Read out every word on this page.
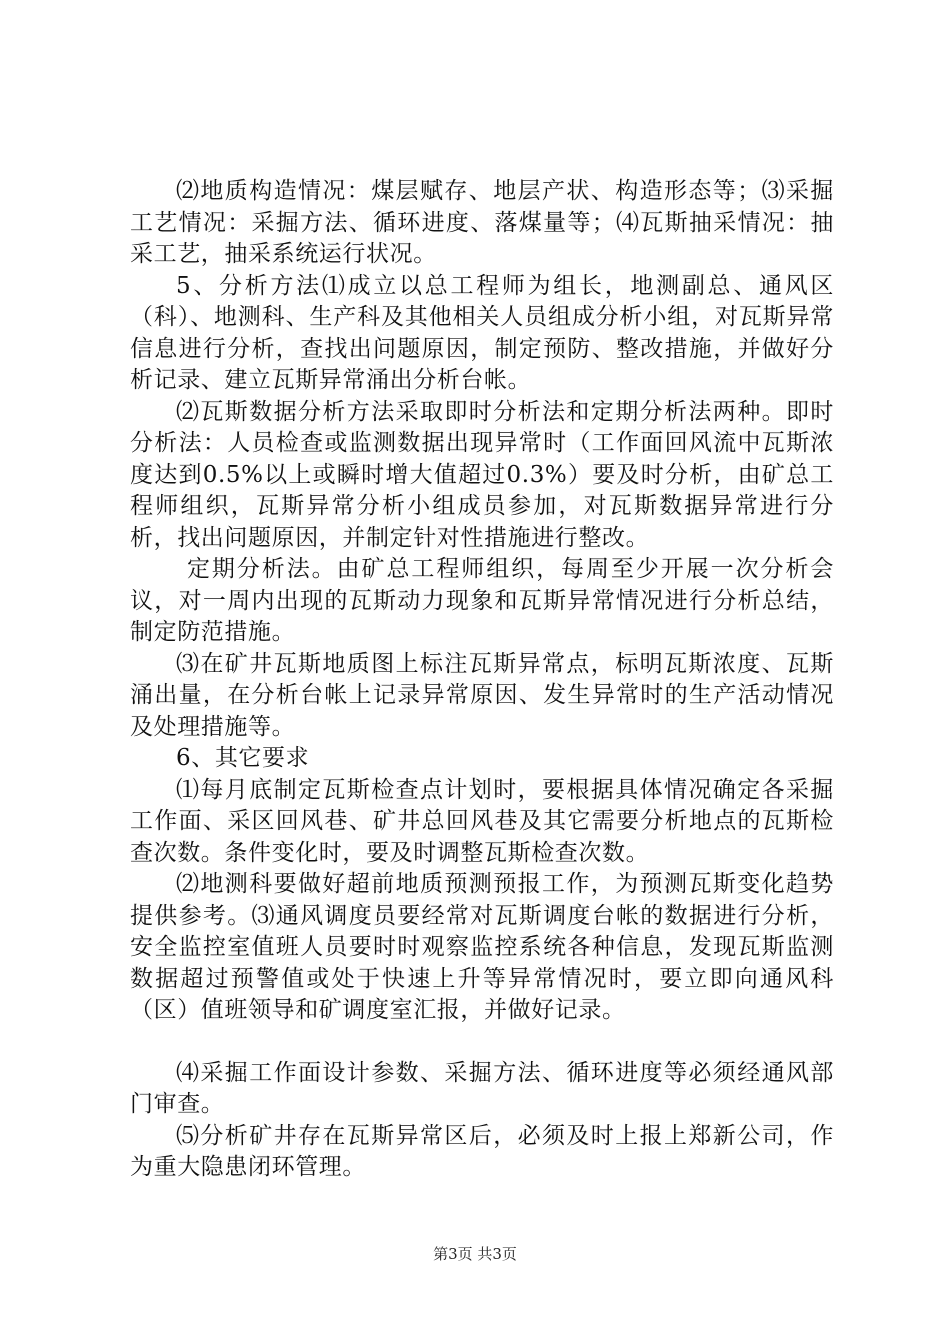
⑵地质构造情况：煤层赋存、地层产状、构造形态等；⑶采掘工艺情况：采掘方法、循环进度、落煤量等；⑷瓦斯抽采情况：抽采工艺，抽采系统运行状况。

5、分析方法⑴成立以总工程师为组长，地测副总、通风区（科）、地测科、生产科及其他相关人员组成分析小组，对瓦斯异常信息进行分析，查找出问题原因，制定预防、整改措施，并做好分析记录、建立瓦斯异常涌出分析台帐。

⑵瓦斯数据分析方法采取即时分析法和定期分析法两种。即时分析法：人员检查或监测数据出现异常时（工作面回风流中瓦斯浓度达到0.5%以上或瞬时增大值超过0.3%）要及时分析，由矿总工程师组织，瓦斯异常分析小组成员参加，对瓦斯数据异常进行分析，找出问题原因，并制定针对性措施进行整改。

定期分析法。由矿总工程师组织，每周至少开展一次分析会议，对一周内出现的瓦斯动力现象和瓦斯异常情况进行分析总结，制定防范措施。

⑶在矿井瓦斯地质图上标注瓦斯异常点，标明瓦斯浓度、瓦斯涌出量，在分析台帐上记录异常原因、发生异常时的生产活动情况及处理措施等。

6、其它要求

⑴每月底制定瓦斯检查点计划时，要根据具体情况确定各采掘工作面、采区回风巷、矿井总回风巷及其它需要分析地点的瓦斯检查次数。条件变化时，要及时调整瓦斯检查次数。

⑵地测科要做好超前地质预测预报工作，为预测瓦斯变化趋势提供参考。⑶通风调度员要经常对瓦斯调度台帐的数据进行分析，安全监控室值班人员要时时观察监控系统各种信息，发现瓦斯监测数据超过预警值或处于快速上升等异常情况时，要立即向通风科（区）值班领导和矿调度室汇报，并做好记录。

⑷采掘工作面设计参数、采掘方法、循环进度等必须经通风部门审查。

⑸分析矿井存在瓦斯异常区后，必须及时上报上郑新公司，作为重大隐患闭环管理。

第3页 共3页
